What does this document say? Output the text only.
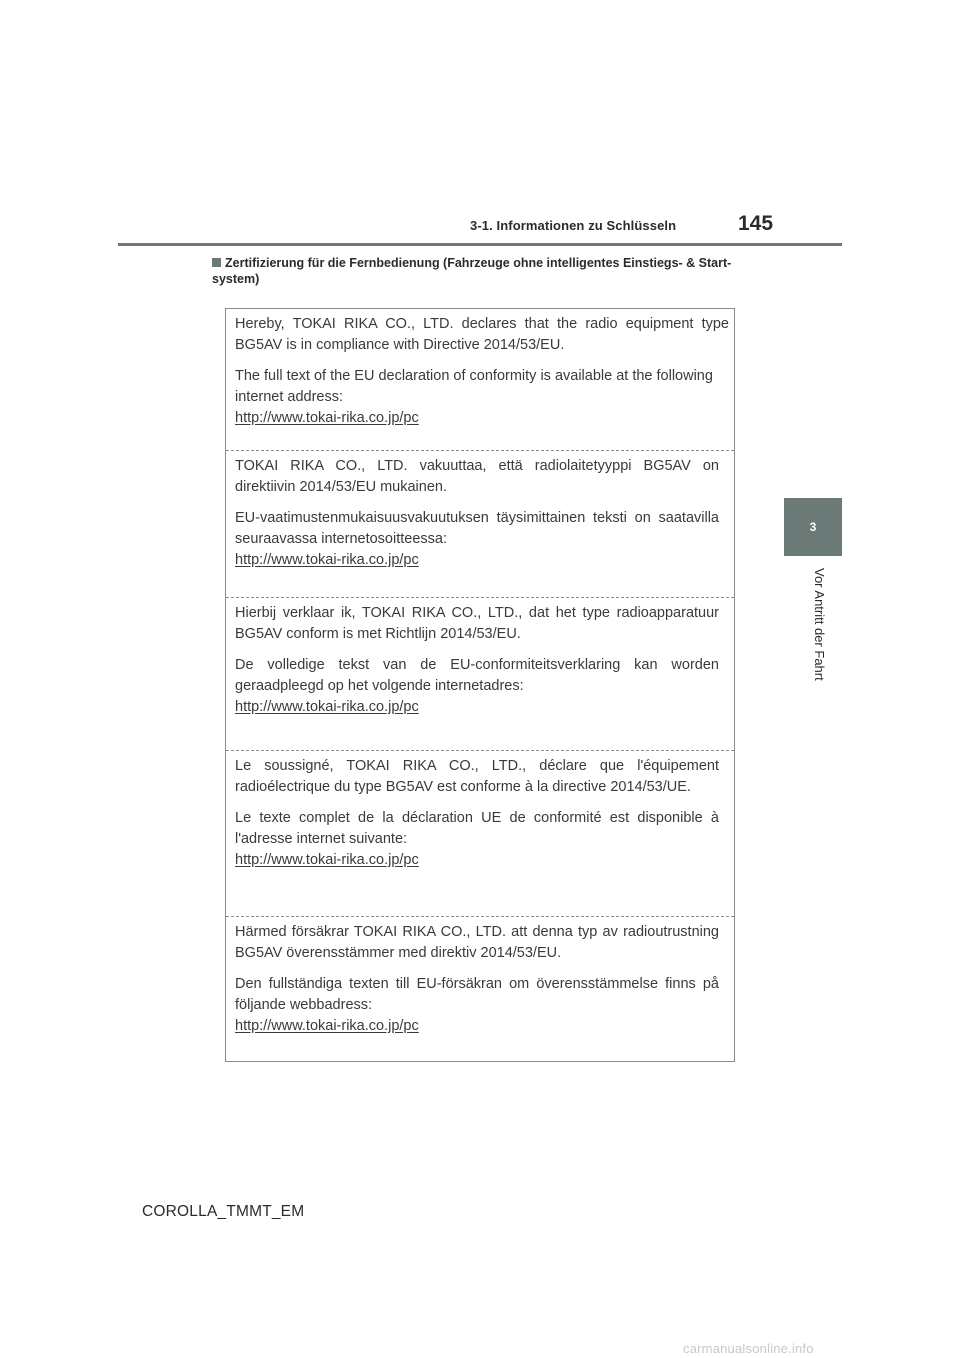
3-1. Informationen zu Schlüsseln	145
3
Vor Antritt der Fahrt
Zertifizierung für die Fernbedienung (Fahrzeuge ohne intelligentes Einstiegs- & Start-system)

Hereby, TOKAI RIKA CO., LTD. declares that the radio equipment type BG5AV is in compliance with Directive 2014/53/EU.

The full text of the EU declaration of conformity is available at the following internet address:

http://www.tokai-rika.co.jp/pc

TOKAI RIKA CO., LTD. vakuuttaa, että radiolaitetyyppi BG5AV on direktiivin 2014/53/EU mukainen.

EU-vaatimustenmukaisuusvakuutuksen täysimittainen teksti on saatavilla seuraavassa internetosoitteessa:

http://www.tokai-rika.co.jp/pc

Hierbij verklaar ik, TOKAI RIKA CO., LTD., dat het type radioapparatuur BG5AV conform is met Richtlijn 2014/53/EU.

De volledige tekst van de EU-conformiteitsverklaring kan worden geraadpleegd op het volgende internetadres:

http://www.tokai-rika.co.jp/pc

Le soussigné, TOKAI RIKA CO., LTD., déclare que l'équipement radioélectrique du type BG5AV est conforme à la directive 2014/53/UE.

Le texte complet de la déclaration UE de conformité est disponible à l'adresse internet suivante:

http://www.tokai-rika.co.jp/pc

Härmed försäkrar TOKAI RIKA CO., LTD. att denna typ av radioutrustning BG5AV överensstämmer med direktiv 2014/53/EU.

Den fullständiga texten till EU-försäkran om överensstämmelse finns på följande webbadress:

http://www.tokai-rika.co.jp/pc
COROLLA_TMMT_EM
carmanualsonline.info
